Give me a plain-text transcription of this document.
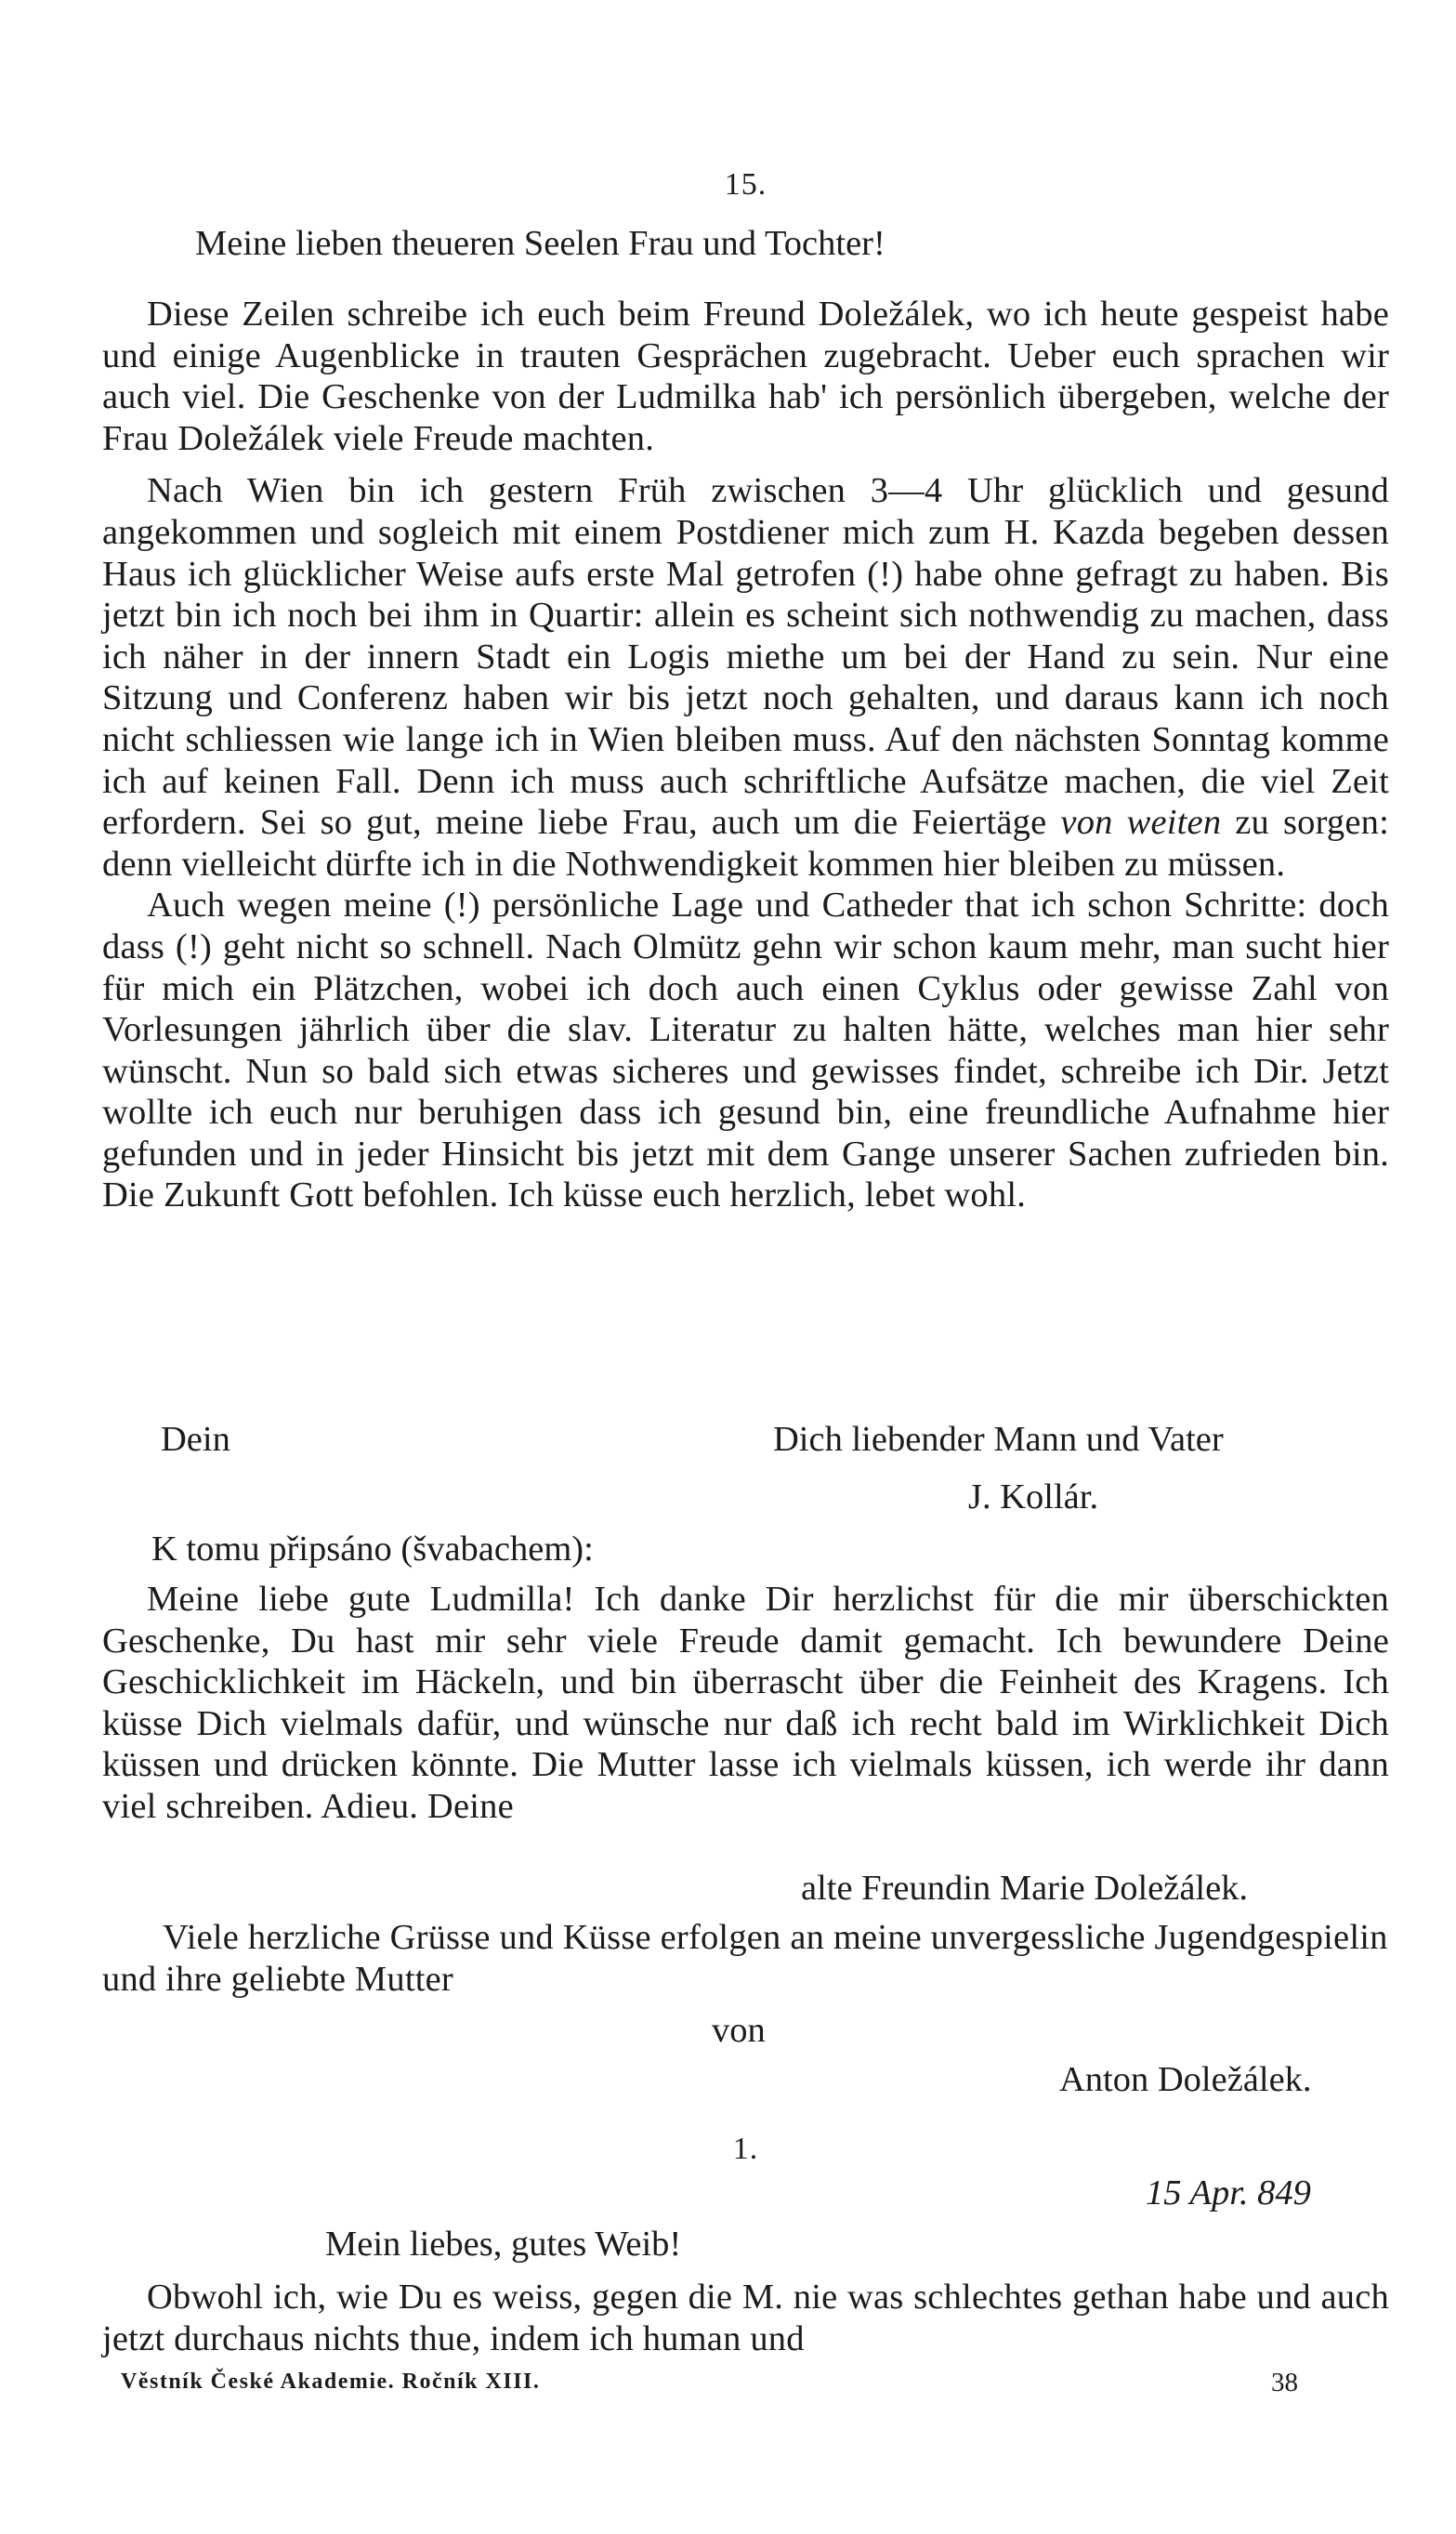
15.
Meine lieben theueren Seelen Frau und Tochter!

Diese Zeilen schreibe ich euch beim Freund Doležálek, wo ich heute gespeist habe und einige Augenblicke in trauten Gesprächen zugebracht. Ueber euch sprachen wir auch viel. Die Geschenke von der Ludmilka hab' ich persönlich übergeben, welche der Frau Doležálek viele Freude machten.

Nach Wien bin ich gestern Früh zwischen 3—4 Uhr glücklich und gesund angekommen und sogleich mit einem Postdiener mich zum H. Kazda begeben dessen Haus ich glücklicher Weise aufs erste Mal getrofen (!) habe ohne gefragt zu haben. Bis jetzt bin ich noch bei ihm in Quartir: allein es scheint sich nothwendig zu machen, dass ich näher in der innern Stadt ein Logis miethe um bei der Hand zu sein. Nur eine Sitzung und Conferenz haben wir bis jetzt noch gehalten, und daraus kann ich noch nicht schliessen wie lange ich in Wien bleiben muss. Auf den nächsten Sonntag komme ich auf keinen Fall. Denn ich muss auch schriftliche Aufsätze machen, die viel Zeit erfordern. Sei so gut, meine liebe Frau, auch um die Feiertäge von weiten zu sorgen: denn vielleicht dürfte ich in die Nothwendigkeit kommen hier bleiben zu müssen.

Auch wegen meine (!) persönliche Lage und Catheder that ich schon Schritte: doch dass (!) geht nicht so schnell. Nach Olmütz gehn wir schon kaum mehr, man sucht hier für mich ein Plätzchen, wobei ich doch auch einen Cyklus oder gewisse Zahl von Vorlesungen jährlich über die slav. Literatur zu halten hätte, welches man hier sehr wünscht. Nun so bald sich etwas sicheres und gewisses findet, schreibe ich Dir. Jetzt wollte ich euch nur beruhigen dass ich gesund bin, eine freundliche Aufnahme hier gefunden und in jeder Hinsicht bis jetzt mit dem Gange unserer Sachen zufrieden bin. Die Zukunft Gott befohlen. Ich küsse euch herzlich, lebet wohl.

Dein	Dich liebender Mann und Vater
J. Kollár.
K tomu připsáno (švabachem):

Meine liebe gute Ludmilla! Ich danke Dir herzlichst für die mir überschickten Geschenke, Du hast mir sehr viele Freude damit gemacht. Ich bewundere Deine Geschicklichkeit im Häckeln, und bin überrascht über die Feinheit des Kragens. Ich küsse Dich vielmals dafür, und wünsche nur daß ich recht bald im Wirklichkeit Dich küssen und drücken könnte. Die Mutter lasse ich vielmals küssen, ich werde ihr dann viel schreiben. Adieu. Deine

alte Freundin Marie Doležálek.

Viele herzliche Grüsse und Küsse erfolgen an meine unvergessliche Jugendgespielin und ihre geliebte Mutter

von
Anton Doležálek.
1.
15 Apr. 849
Mein liebes, gutes Weib!

Obwohl ich, wie Du es weiss, gegen die M. nie was schlechtes gethan habe und auch jetzt durchaus nichts thue, indem ich human und

Věstník České Akademie. Ročník XIII.	38
